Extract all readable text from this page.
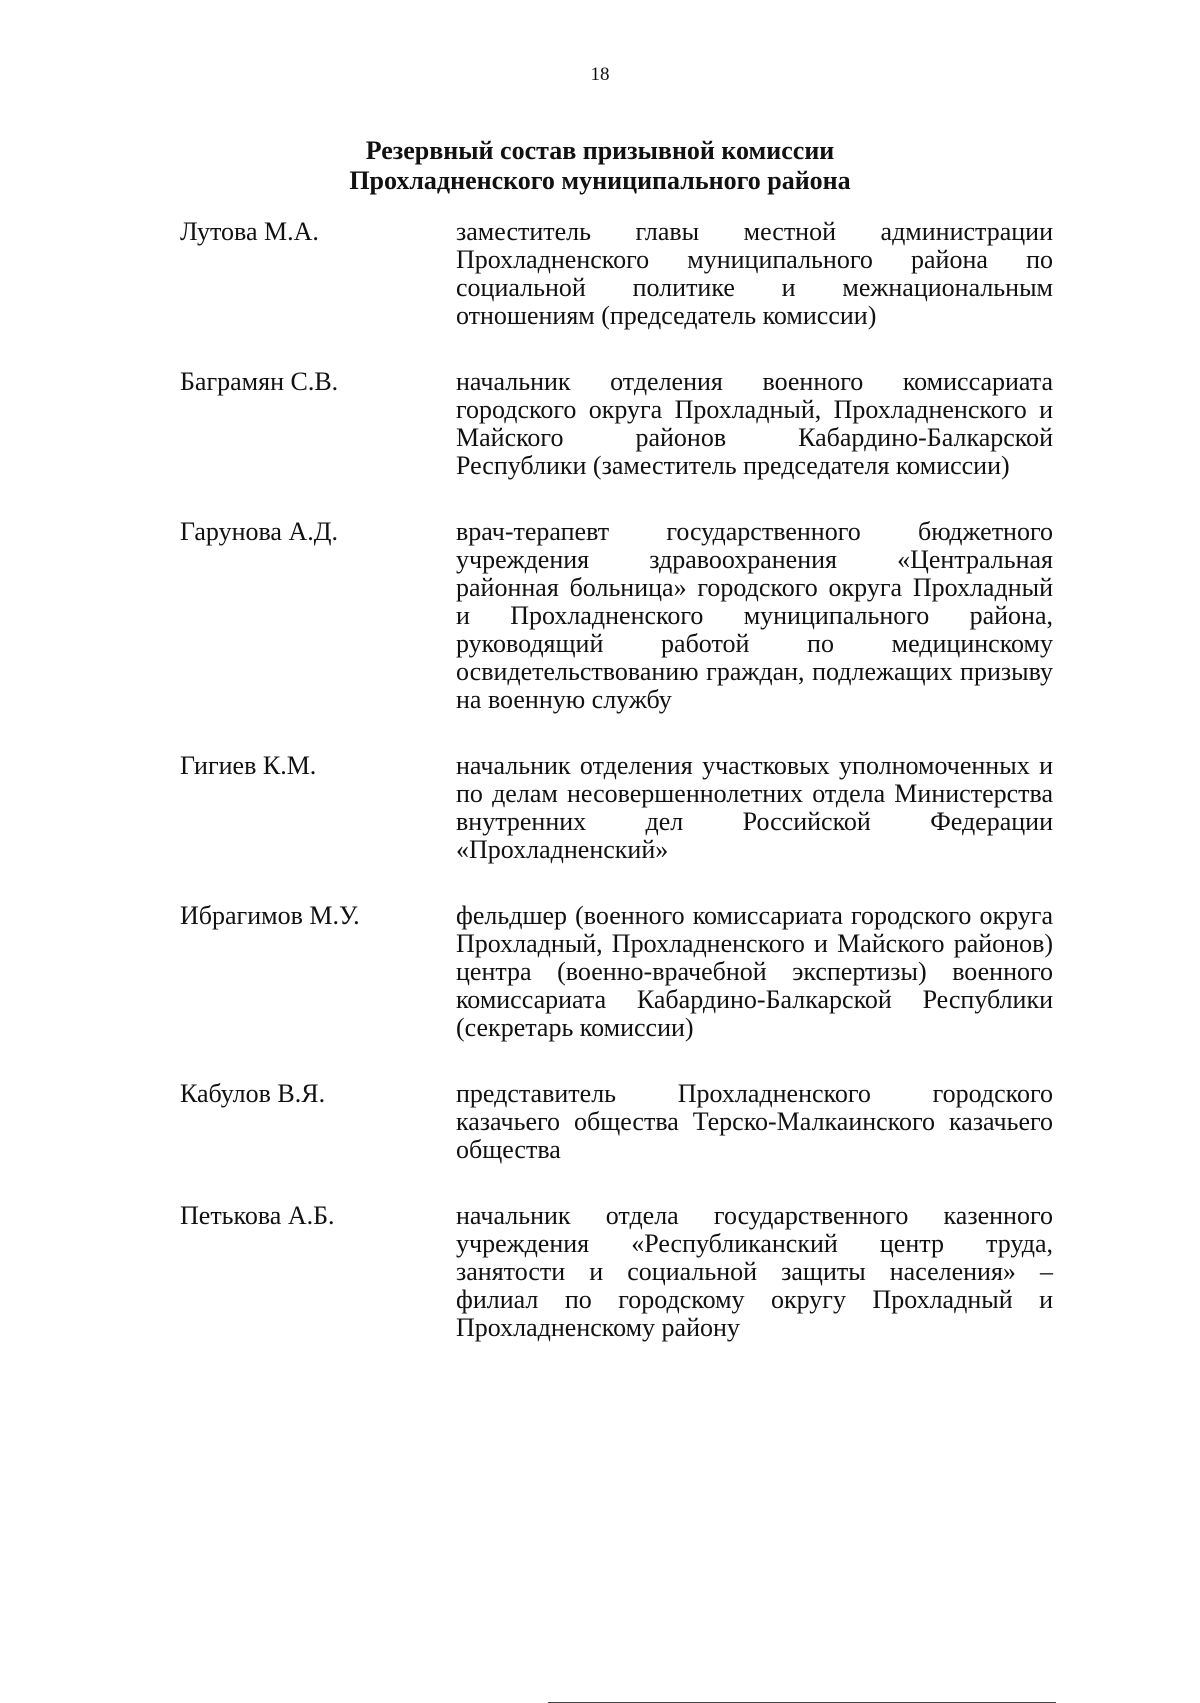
18
Резервный состав призывной комиссии
Прохладненского муниципального района
Лутова М.А.	заместитель главы местной администрации Прохладненского муниципального района по социальной политике и межнациональным отношениям (председатель комиссии)
Баграмян С.В.	начальник отделения военного комиссариата городского округа Прохладный, Прохладненского и Майского районов Кабардино-Балкарской Республики (заместитель председателя комиссии)
Гарунова А.Д.	врач-терапевт государственного бюджетного учреждения здравоохранения «Центральная районная больница» городского округа Прохладный и Прохладненского муниципального района, руководящий работой по медицинскому освидетельствованию граждан, подлежащих призыву на военную службу
Гигиев К.М.	начальник отделения участковых уполномоченных и по делам несовершеннолетних отдела Министерства внутренних дел Российской Федерации «Прохладненский»
Ибрагимов М.У.	фельдшер (военного комиссариата городского округа Прохладный, Прохладненского и Майского районов) центра (военно-врачебной экспертизы) военного комиссариата Кабардино-Балкарской Республики (секретарь комиссии)
Кабулов В.Я.	представитель Прохладненского городского казачьего общества Терско-Малкаинского казачьего общества
Петькова А.Б.	начальник отдела государственного казенного учреждения «Республиканский центр труда, занятости и социальной защиты населения» – филиал по городскому округу Прохладный и Прохладненскому району
